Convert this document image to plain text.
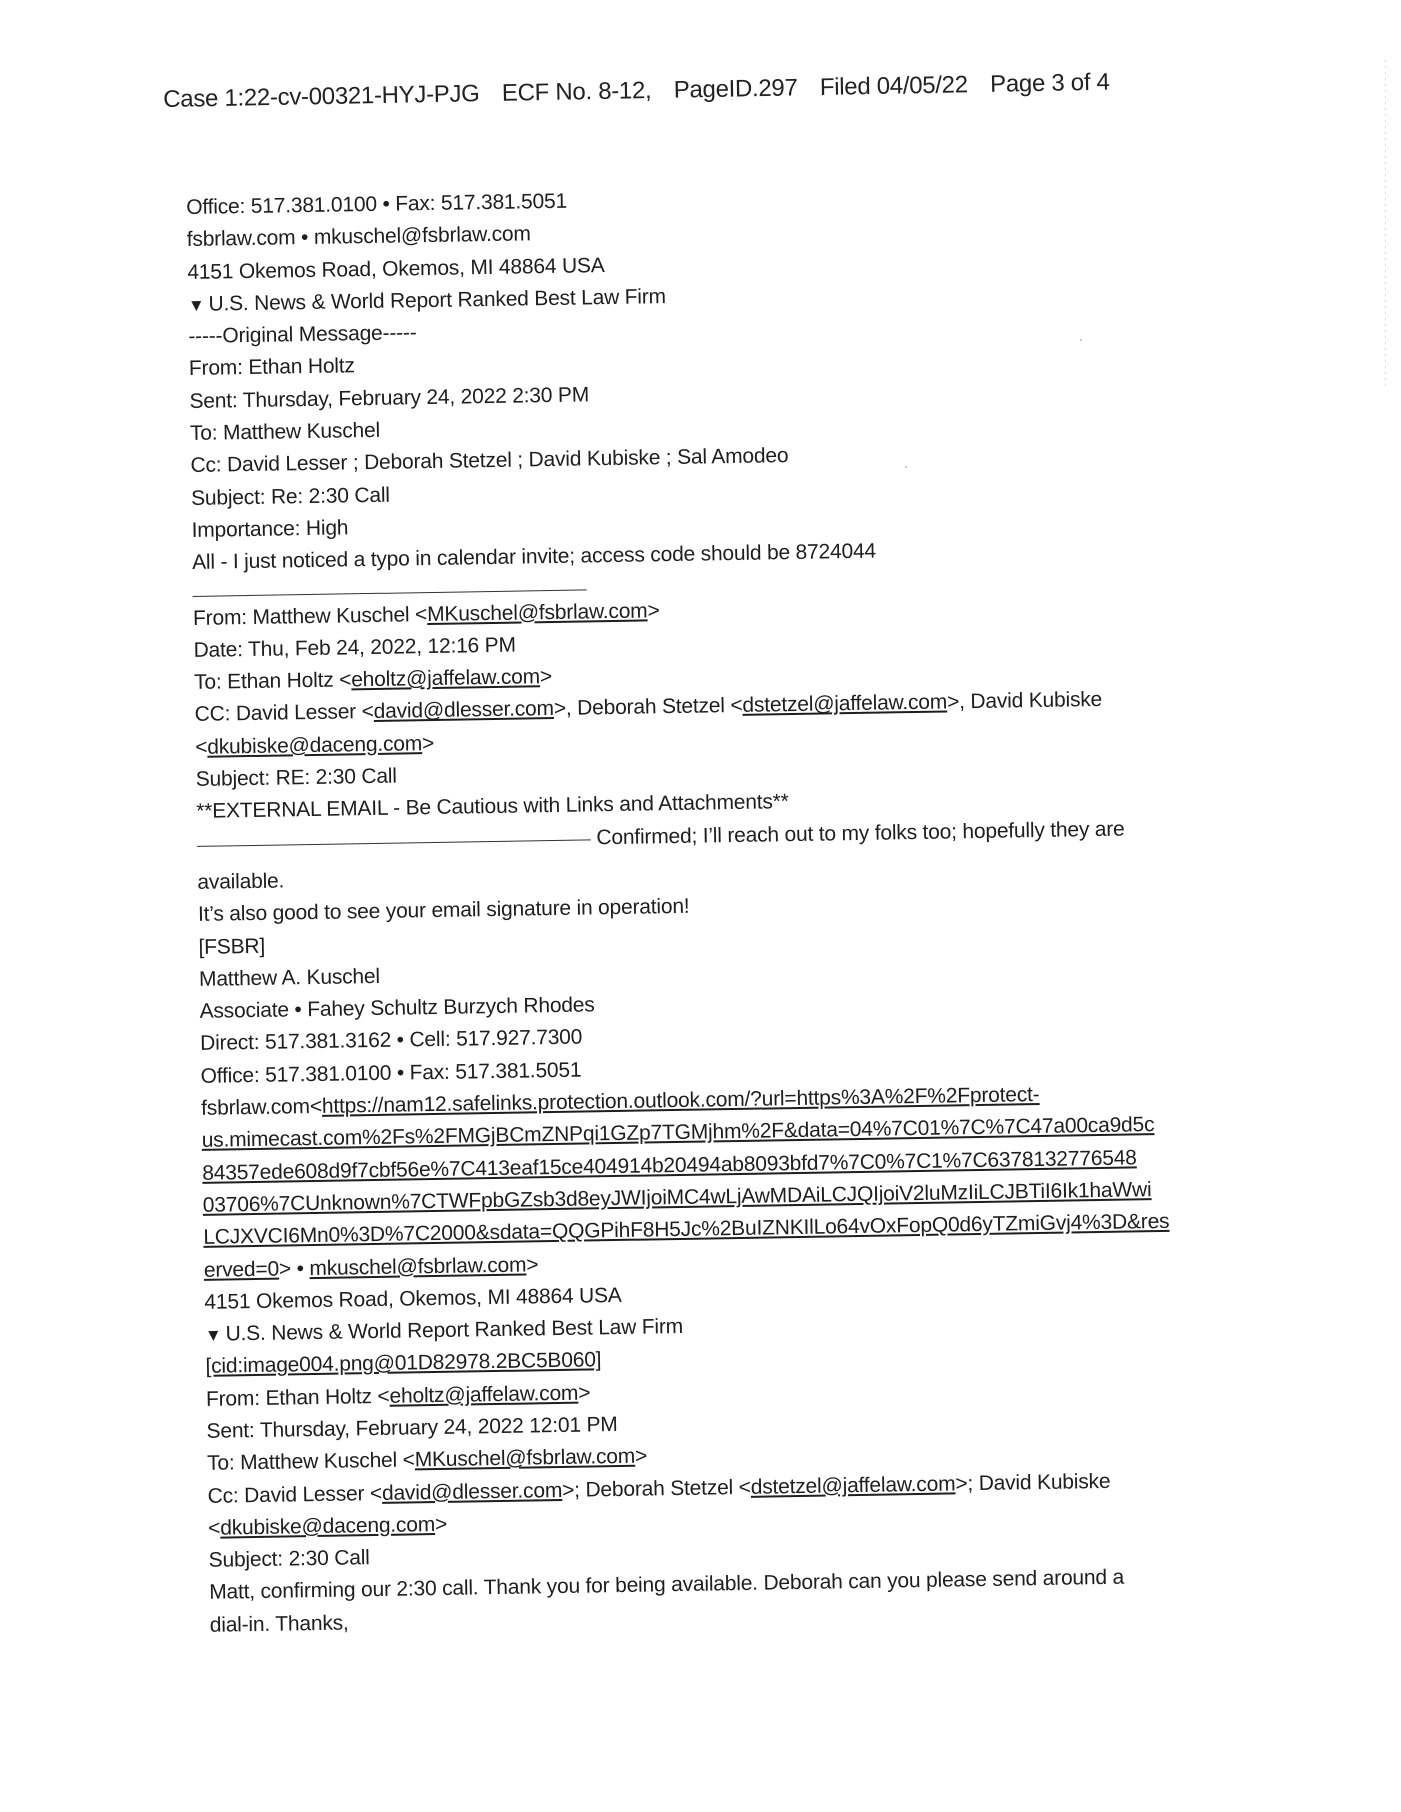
Case 1:22-cv-00321-HYJ-PJG ECF No. 8-12, PageID.297 Filed 04/05/22 Page 3 of 4
Office: 517.381.0100 • Fax: 517.381.5051
fsbrlaw.com • mkuschel@fsbrlaw.com
4151 Okemos Road, Okemos, MI 48864 USA
▼ U.S. News & World Report Ranked Best Law Firm
-----Original Message-----
From: Ethan Holtz
Sent: Thursday, February 24, 2022 2:30 PM
To: Matthew Kuschel
Cc: David Lesser ; Deborah Stetzel ; David Kubiske ; Sal Amodeo
Subject: Re: 2:30 Call
Importance: High
All - I just noticed a typo in calendar invite; access code should be 8724044
From: Matthew Kuschel <MKuschel@fsbrlaw.com>
Date: Thu, Feb 24, 2022, 12:16 PM
To: Ethan Holtz <eholtz@jaffelaw.com>
CC: David Lesser <david@dlesser.com>, Deborah Stetzel <dstetzel@jaffelaw.com>, David Kubiske
<dkubiske@daceng.com>
Subject: RE: 2:30 Call
**EXTERNAL EMAIL - Be Cautious with Links and Attachments**
Confirmed; I’ll reach out to my folks too; hopefully they are
available.
It’s also good to see your email signature in operation!
[FSBR]
Matthew A. Kuschel
Associate • Fahey Schultz Burzych Rhodes
Direct: 517.381.3162 • Cell: 517.927.7300
Office: 517.381.0100 • Fax: 517.381.5051
fsbrlaw.com<https://nam12.safelinks.protection.outlook.com/?url=https%3A%2F%2Fprotect-
us.mimecast.com%2Fs%2FMGjBCmZNPqi1GZp7TGMjhm%2F&data=04%7C01%7C%7C47a00ca9d5c
84357ede608d9f7cbf56e%7C413eaf15ce404914b20494ab8093bfd7%7C0%7C1%7C6378132776548
03706%7CUnknown%7CTWFpbGZsb3d8eyJWIjoiMC4wLjAwMDAiLCJQIjoiV2luMzIiLCJBTiI6Ik1haWwi
LCJXVCI6Mn0%3D%7C2000&sdata=QQGPihF8H5Jc%2BuIZNKIlLo64vOxFopQ0d6yTZmiGvj4%3D&res
erved=0> • mkuschel@fsbrlaw.com>
4151 Okemos Road, Okemos, MI 48864 USA
▼ U.S. News & World Report Ranked Best Law Firm
[cid:image004.png@01D82978.2BC5B060]
From: Ethan Holtz <eholtz@jaffelaw.com>
Sent: Thursday, February 24, 2022 12:01 PM
To: Matthew Kuschel <MKuschel@fsbrlaw.com>
Cc: David Lesser <david@dlesser.com>; Deborah Stetzel <dstetzel@jaffelaw.com>; David Kubiske
<dkubiske@daceng.com>
Subject: 2:30 Call
Matt, confirming our 2:30 call. Thank you for being available. Deborah can you please send around a
dial-in. Thanks,
